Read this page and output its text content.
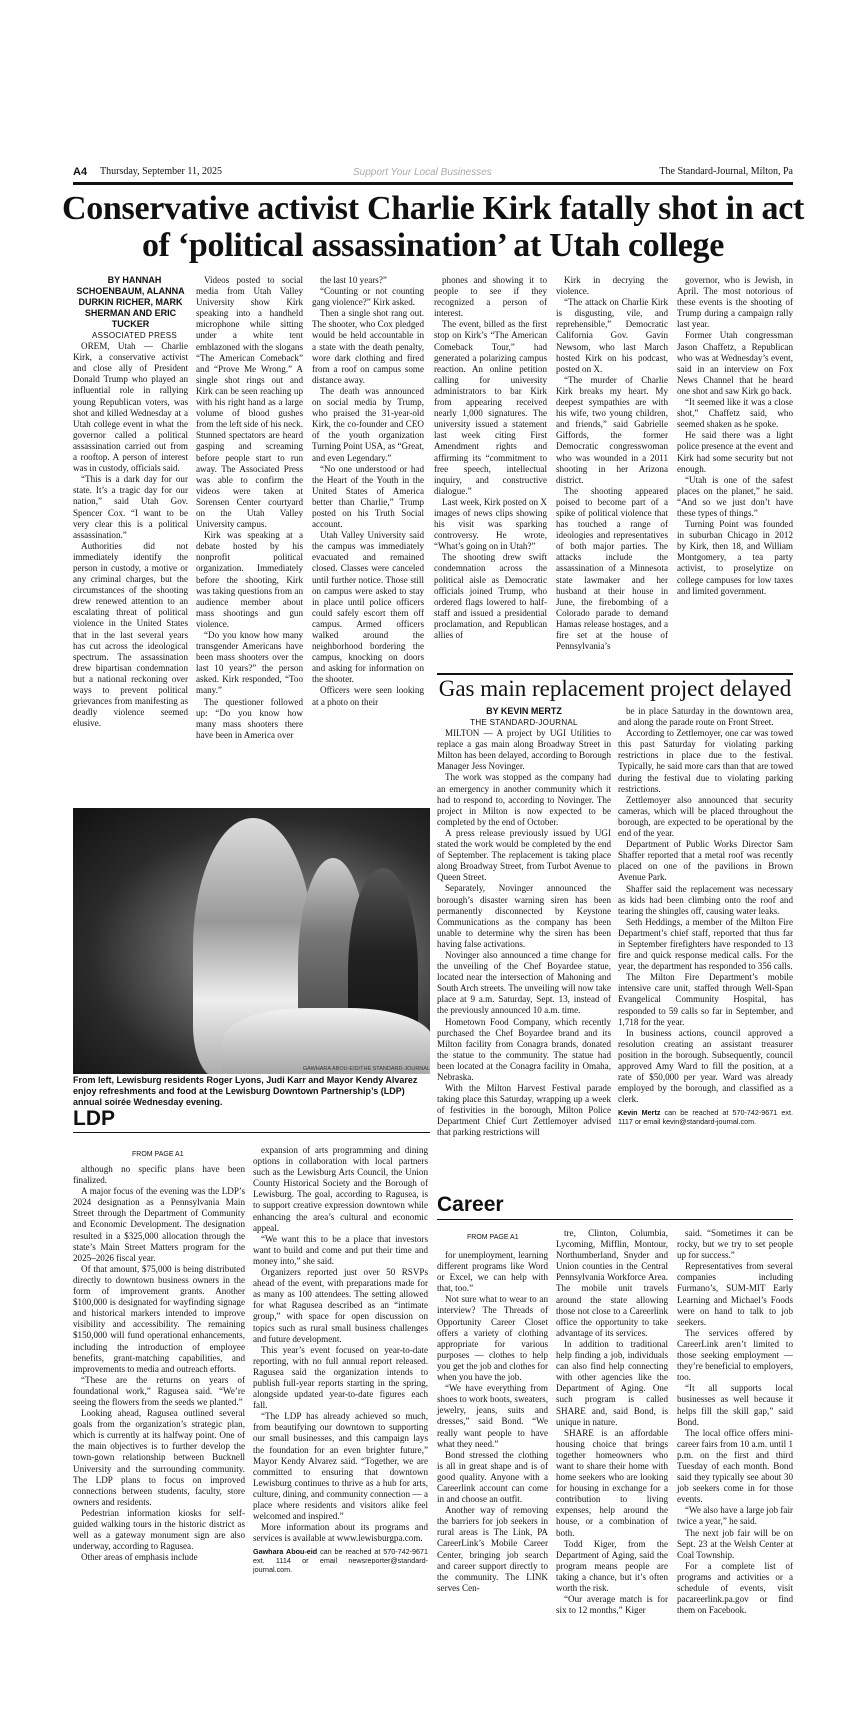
A4 Thursday, September 11, 2025	Support Your Local Businesses	The Standard-Journal, Milton, Pa
Conservative activist Charlie Kirk fatally shot in act of ‘political assassination’ at Utah college

BY HANNAH SCHOENBAUM, ALANNA DURKIN RICHER, MARK SHERMAN AND ERIC TUCKER

ASSOCIATED PRESS

OREM, Utah — Charlie Kirk, a conservative activist and close ally of President Donald Trump who played an influential role in rallying young Republican voters, was shot and killed Wednesday at a Utah college event in what the governor called a political assassination carried out from a rooftop. A person of interest was in custody, officials said.

“This is a dark day for our state. It’s a tragic day for our nation,” said Utah Gov. Spencer Cox. “I want to be very clear this is a political assassination.”

Authorities did not immediately identify the person in custody, a motive or any criminal charges, but the circumstances of the shooting drew renewed attention to an escalating threat of political violence in the United States that in the last several years has cut across the ideological spectrum. The assassination drew bipartisan condemnation but a national reckoning over ways to prevent political grievances from manifesting as deadly violence seemed elusive.

Videos posted to social media from Utah Valley University show Kirk speaking into a handheld microphone while sitting under a white tent emblazoned with the slogans “The American Comeback” and “Prove Me Wrong.” A single shot rings out and Kirk can be seen reaching up with his right hand as a large volume of blood gushes from the left side of his neck. Stunned spectators are heard gasping and screaming before people start to run away. The Associated Press was able to confirm the videos were taken at Sorensen Center courtyard on the Utah Valley University campus.

Kirk was speaking at a debate hosted by his nonprofit political organization. Immediately before the shooting, Kirk was taking questions from an audience member about mass shootings and gun violence.

“Do you know how many transgender Americans have been mass shooters over the last 10 years?” the person asked. Kirk responded, “Too many.”

The questioner followed up: “Do you know how many mass shooters there have been in America over

the last 10 years?”

“Counting or not counting gang violence?” Kirk asked.

Then a single shot rang out. The shooter, who Cox pledged would be held accountable in a state with the death penalty, wore dark clothing and fired from a roof on campus some distance away.

The death was announced on social media by Trump, who praised the 31-year-old Kirk, the co-founder and CEO of the youth organization Turning Point USA, as “Great, and even Legendary.”

“No one understood or had the Heart of the Youth in the United States of America better than Charlie,” Trump posted on his Truth Social account.

Utah Valley University said the campus was immediately evacuated and remained closed. Classes were canceled until further notice. Those still on campus were asked to stay in place until police officers could safely escort them off campus. Armed officers walked around the neighborhood bordering the campus, knocking on doors and asking for information on the shooter.

Officers were seen looking at a photo on their

phones and showing it to people to see if they recognized a person of interest.

The event, billed as the first stop on Kirk’s “The American Comeback Tour,” had generated a polarizing campus reaction. An online petition calling for university administrators to bar Kirk from appearing received nearly 1,000 signatures. The university issued a statement last week citing First Amendment rights and affirming its “commitment to free speech, intellectual inquiry, and constructive dialogue.”

Last week, Kirk posted on X images of news clips showing his visit was sparking controversy. He wrote, “What’s going on in Utah?”

The shooting drew swift condemnation across the political aisle as Democratic officials joined Trump, who ordered flags lowered to half-staff and issued a presidential proclamation, and Republican allies of

Kirk in decrying the violence.

“The attack on Charlie Kirk is disgusting, vile, and reprehensible,” Democratic California Gov. Gavin Newsom, who last March hosted Kirk on his podcast, posted on X.

“The murder of Charlie Kirk breaks my heart. My deepest sympathies are with his wife, two young children, and friends,” said Gabrielle Giffords, the former Democratic congresswoman who was wounded in a 2011 shooting in her Arizona district.

The shooting appeared poised to become part of a spike of political violence that has touched a range of ideologies and representatives of both major parties. The attacks include the assassination of a Minnesota state lawmaker and her husband at their house in June, the firebombing of a Colorado parade to demand Hamas release hostages, and a fire set at the house of Pennsylvania’s

governor, who is Jewish, in April. The most notorious of these events is the shooting of Trump during a campaign rally last year.

Former Utah congressman Jason Chaffetz, a Republican who was at Wednesday’s event, said in an interview on Fox News Channel that he heard one shot and saw Kirk go back.

“It seemed like it was a close shot,” Chaffetz said, who seemed shaken as he spoke.

He said there was a light police presence at the event and Kirk had some security but not enough.

“Utah is one of the safest places on the planet,” he said. “And so we just don’t have these types of things.”

Turning Point was founded in suburban Chicago in 2012 by Kirk, then 18, and William Montgomery, a tea party activist, to proselytize on college campuses for low taxes and limited government.

GAWHARA ABOU-EID/THE STANDARD-JOURNAL

From left, Lewisburg residents Roger Lyons, Judi Karr and Mayor Kendy Alvarez enjoy refreshments and food at the Lewisburg Downtown Partnership’s (LDP) annual soirée Wednesday evening.

LDP
FROM PAGE A1

although no specific plans have been finalized.

A major focus of the evening was the LDP’s 2024 designation as a Pennsylvania Main Street through the Department of Community and Economic Development. The designation resulted in a $325,000 allocation through the state’s Main Street Matters program for the 2025–2026 fiscal year.

Of that amount, $75,000 is being distributed directly to downtown business owners in the form of improvement grants. Another $100,000 is designated for wayfinding signage and historical markers intended to improve visibility and accessibility. The remaining $150,000 will fund operational enhancements, including the introduction of employee benefits, grant-matching capabilities, and improvements to media and outreach efforts.

“These are the returns on years of foundational work,” Ragusea said. “We’re seeing the flowers from the seeds we planted.”

Looking ahead, Ragusea outlined several goals from the organization’s strategic plan, which is currently at its halfway point. One of the main objectives is to further develop the town-gown relationship between Bucknell University and the surrounding community. The LDP plans to focus on improved connections between students, faculty, store owners and residents.

Pedestrian information kiosks for self-guided walking tours in the historic district as well as a gateway monument sign are also underway, according to Ragusea.

Other areas of emphasis include

expansion of arts programming and dining options in collaboration with local partners such as the Lewisburg Arts Council, the Union County Historical Society and the Borough of Lewisburg. The goal, according to Ragusea, is to support creative expression downtown while enhancing the area’s cultural and economic appeal.

“We want this to be a place that investors want to build and come and put their time and money into,” she said.

Organizers reported just over 50 RSVPs ahead of the event, with preparations made for as many as 100 attendees. The setting allowed for what Ragusea described as an “intimate group,” with space for open discussion on topics such as rural small business challenges and future development.

This year’s event focused on year-to-date reporting, with no full annual report released. Ragusea said the organization intends to publish full-year reports starting in the spring, alongside updated year-to-date figures each fall.

“The LDP has already achieved so much, from beautifying our downtown to supporting our small businesses, and this campaign lays the foundation for an even brighter future,” Mayor Kendy Alvarez said. “Together, we are committed to ensuring that downtown Lewisburg continues to thrive as a hub for arts, culture, dining, and community connection — a place where residents and visitors alike feel welcomed and inspired.”

More information about its programs and services is available at www.lewisburgpa.com.

Gawhara Abou-eid can be reached at 570-742-9671 ext. 1114 or email newsreporter@standard-journal.com.

Gas main replacement project delayed

BY KEVIN MERTZ

THE STANDARD-JOURNAL

MILTON — A project by UGI Utilities to replace a gas main along Broadway Street in Milton has been delayed, according to Borough Manager Jess Novinger.

The work was stopped as the company had an emergency in another community which it had to respond to, according to Novinger. The project in Milton is now expected to be completed by the end of October.

A press release previously issued by UGI stated the work would be completed by the end of September. The replacement is taking place along Broadway Street, from Turbot Avenue to Queen Street.

Separately, Novinger announced the borough’s disaster warning siren has been permanently disconnected by Keystone Communications as the company has been unable to determine why the siren has been having false activations.

Novinger also announced a time change for the unveiling of the Chef Boyardee statue, located near the intersection of Mahoning and South Arch streets. The unveiling will now take place at 9 a.m. Saturday, Sept. 13, instead of the previously announced 10 a.m. time.

Hometown Food Company, which recently purchased the Chef Boyardee brand and its Milton facility from Conagra brands, donated the statue to the community. The statue had been located at the Conagra facility in Omaha, Nebraska.

With the Milton Harvest Festival parade taking place this Saturday, wrapping up a week of festivities in the borough, Milton Police Department Chief Curt Zettlemoyer advised that parking restrictions will

be in place Saturday in the downtown area, and along the parade route on Front Street.

According to Zettlemoyer, one car was towed this past Saturday for violating parking restrictions in place due to the festival. Typically, he said more cars than that are towed during the festival due to violating parking restrictions.

Zettlemoyer also announced that security cameras, which will be placed throughout the borough, are expected to be operational by the end of the year.

Department of Public Works Director Sam Shaffer reported that a metal roof was recently placed on one of the pavilions in Brown Avenue Park.

Shaffer said the replacement was necessary as kids had been climbing onto the roof and tearing the shingles off, causing water leaks.

Seth Heddings, a member of the Milton Fire Department’s chief staff, reported that thus far in September firefighters have responded to 13 fire and quick response medical calls. For the year, the department has responded to 356 calls.

The Milton Fire Department’s mobile intensive care unit, staffed through Well-Span Evangelical Community Hospital, has responded to 59 calls so far in September, and 1,718 for the year.

In business actions, council approved a resolution creating an assistant treasurer position in the borough. Subsequently, council approved Amy Ward to fill the position, at a rate of $50,000 per year. Ward was already employed by the borough, and classified as a clerk.

Kevin Mertz can be reached at 570-742-9671 ext. 1117 or email kevin@standard-journal.com.

Career
FROM PAGE A1

for unemployment, learning different programs like Word or Excel, we can help with that, too.”

Not sure what to wear to an interview? The Threads of Opportunity Career Closet offers a variety of clothing appropriate for various purposes — clothes to help you get the job and clothes for when you have the job.

“We have everything from shoes to work boots, sweaters, jewelry, jeans, suits and dresses,” said Bond. “We really want people to have what they need.”

Bond stressed the clothing is all in great shape and is of good quality. Anyone with a Careerlink account can come in and choose an outfit.

Another way of removing the barriers for job seekers in rural areas is The Link, PA CareerLink’s Mobile Career Center, bringing job search and career support directly to the community. The LINK serves Cen-

tre, Clinton, Columbia, Lycoming, Mifflin, Montour, Northumberland, Snyder and Union counties in the Central Pennsylvania Workforce Area. The mobile unit travels around the state allowing those not close to a Careerlink office the opportunity to take advantage of its services.

In addition to traditional help finding a job, individuals can also find help connecting with other agencies like the Department of Aging. One such program is called SHARE and, said Bond, is unique in nature.

SHARE is an affordable housing choice that brings together homeowners who want to share their home with home seekers who are looking for housing in exchange for a contribution to living expenses, help around the house, or a combination of both.

Todd Kiger, from the Department of Aging, said the program means people are taking a chance, but it’s often worth the risk.

“Our average match is for six to 12 months,” Kiger

said. “Sometimes it can be rocky, but we try to set people up for success.”

Representatives from several companies including Furmano’s, SUM-MIT Early Learning and Michael’s Foods were on hand to talk to job seekers.

The services offered by CareerLink aren’t limited to those seeking employment — they’re beneficial to employers, too.

“It all supports local businesses as well because it helps fill the skill gap,” said Bond.

The local office offers mini-career fairs from 10 a.m. until 1 p.m. on the first and third Tuesday of each month. Bond said they typically see about 30 job seekers come in for those events.

“We also have a large job fair twice a year,” he said.

The next job fair will be on Sept. 23 at the Welsh Center at Coal Township.

For a complete list of programs and activities or a schedule of events, visit pacareerlink.pa.gov or find them on Facebook.
